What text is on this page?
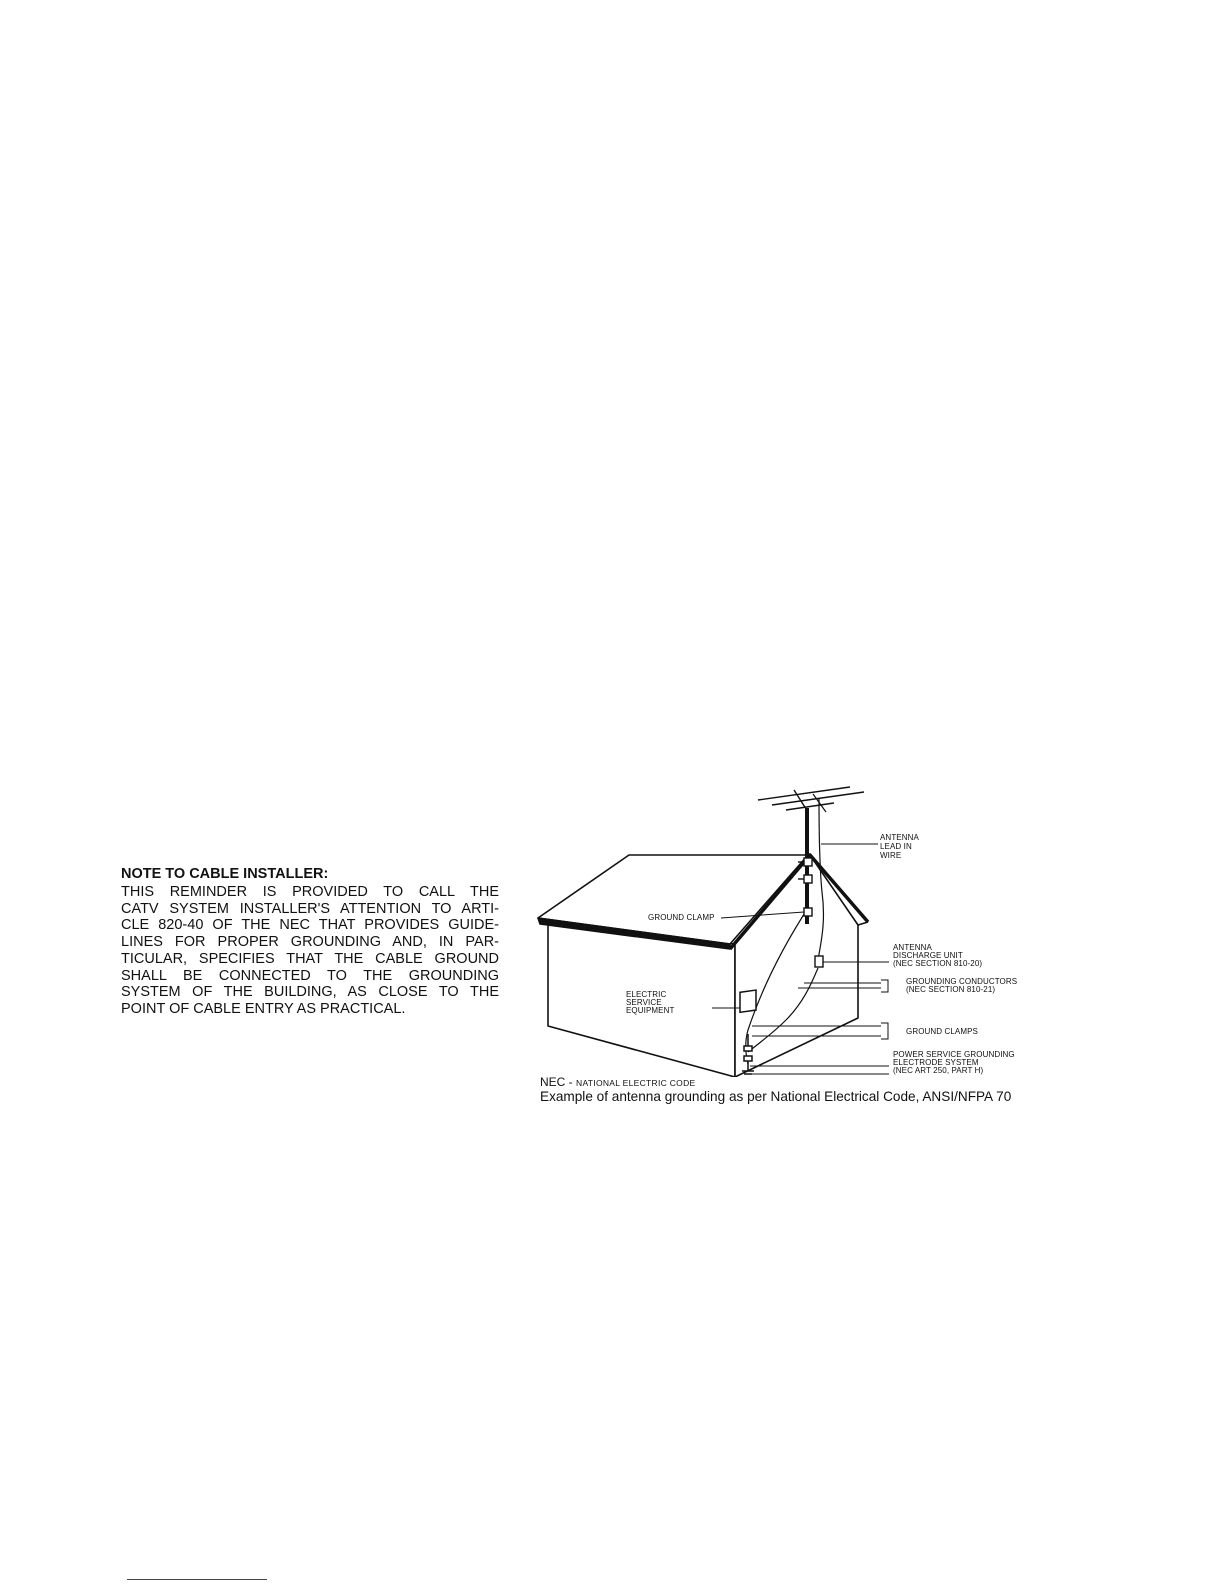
NOTE TO CABLE INSTALLER:
THIS REMINDER IS PROVIDED TO CALL THE
CATV SYSTEM INSTALLER'S ATTENTION TO ARTI-
CLE 820-40 OF THE NEC THAT PROVIDES GUIDE-
LINES FOR PROPER GROUNDING AND, IN PAR-
TICULAR, SPECIFIES THAT THE CABLE GROUND
SHALL BE CONNECTED TO THE GROUNDING
SYSTEM OF THE BUILDING, AS CLOSE TO THE
POINT OF CABLE ENTRY AS PRACTICAL.
ANTENNA
LEAD IN
WIRE
GROUND CLAMP
ANTENNA
DISCHARGE UNIT
(NEC SECTION 810-20)
GROUNDING CONDUCTORS
(NEC SECTION 810-21)
ELECTRIC
SERVICE
EQUIPMENT
GROUND CLAMPS
POWER SERVICE GROUNDING
ELECTRODE SYSTEM
(NEC ART 250, PART H)
NEC - NATIONAL ELECTRIC CODE
Example of antenna grounding as per National Electrical Code, ANSI/NFPA 70
